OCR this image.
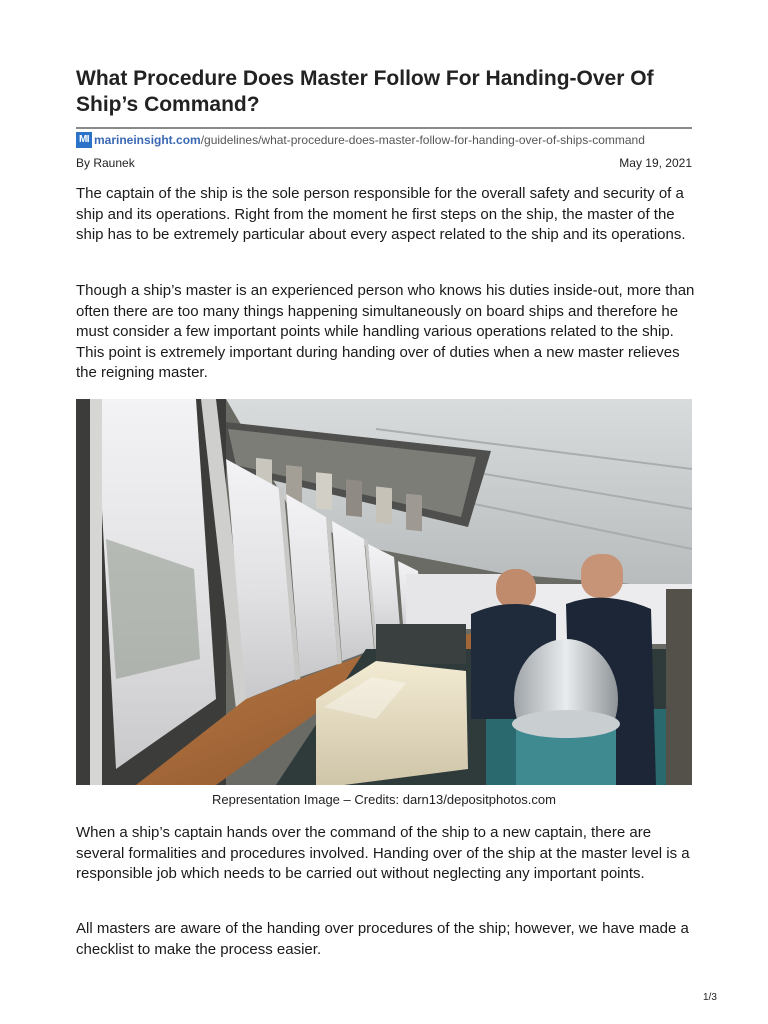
What Procedure Does Master Follow For Handing-Over Of Ship’s Command?
MI marineinsight.com/guidelines/what-procedure-does-master-follow-for-handing-over-of-ships-command
By Raunek	May 19, 2021

The captain of the ship is the sole person responsible for the overall safety and security of a ship and its operations. Right from the moment he first steps on the ship, the master of the ship has to be extremely particular about every aspect related to the ship and its operations.

Though a ship’s master is an experienced person who knows his duties inside-out, more than often there are too many things happening simultaneously on board ships and therefore he must consider a few important points while handling various operations related to the ship. This point is extremely important during handing over of duties when a new master relieves the reigning master.

Representation Image – Credits: darn13/depositphotos.com

When a ship’s captain hands over the command of the ship to a new captain, there are several formalities and procedures involved. Handing over of the ship at the master level is a responsible job which needs to be carried out without neglecting any important points.

All masters are aware of the handing over procedures of the ship; however, we have made a checklist to make the process easier.

1/3
